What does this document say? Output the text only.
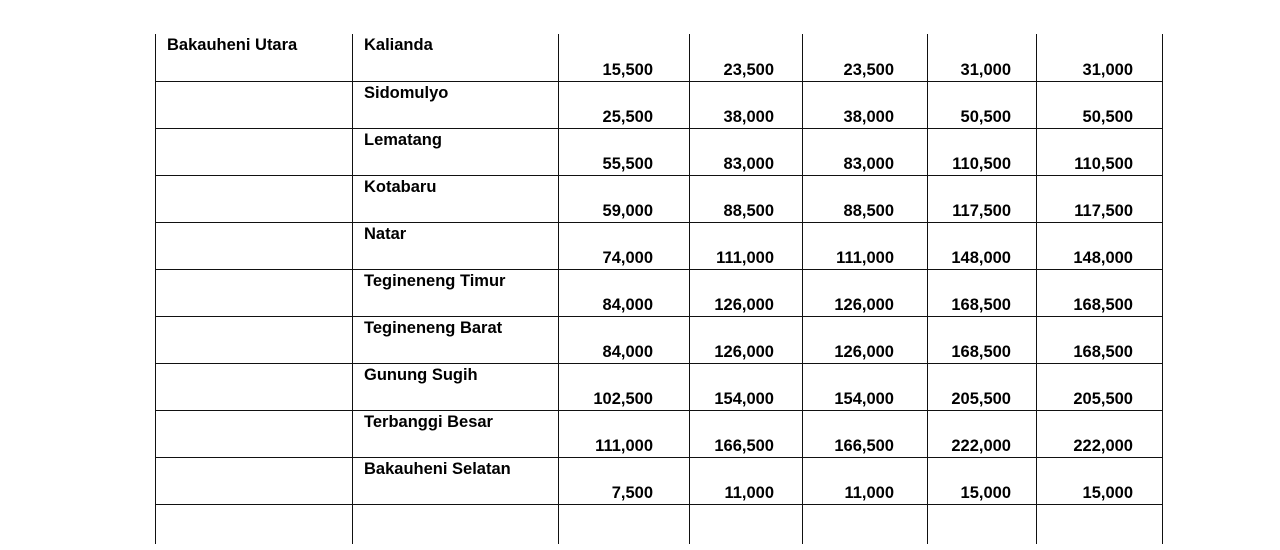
Bakauheni Utara	Kalianda	15,500	23,500	23,500	31,000	31,000
	Sidomulyo	25,500	38,000	38,000	50,500	50,500
	Lematang	55,500	83,000	83,000	110,500	110,500
	Kotabaru	59,000	88,500	88,500	117,500	117,500
	Natar	74,000	111,000	111,000	148,000	148,000
	Tegineneng Timur	84,000	126,000	126,000	168,500	168,500
	Tegineneng Barat	84,000	126,000	126,000	168,500	168,500
	Gunung Sugih	102,500	154,000	154,000	205,500	205,500
	Terbanggi Besar	111,000	166,500	166,500	222,000	222,000
	Bakauheni Selatan	7,500	11,000	11,000	15,000	15,000
